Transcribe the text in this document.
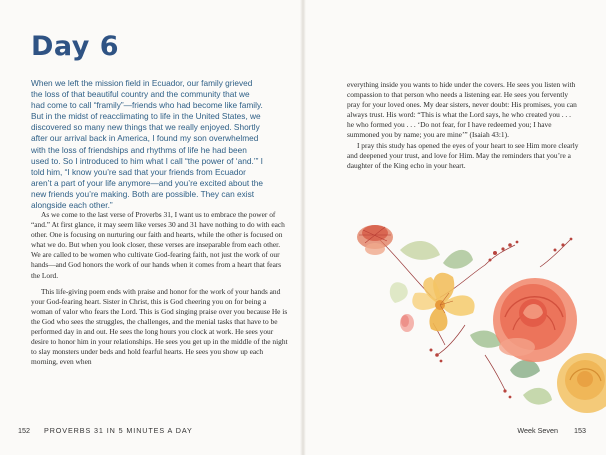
Day 6

When we left the mission field in Ecuador, our family grieved the loss of that beautiful country and the community that we had come to call “framily”—friends who had become like family. But in the midst of reacclimating to life in the United States, we discovered so many new things that we really enjoyed. Shortly after our arrival back in America, I found my son overwhelmed with the loss of friendships and rhythms of life he had been used to. So I introduced to him what I call “the power of ‘and.’” I told him, “I know you’re sad that your friends from Ecuador aren’t a part of your life anymore—and you’re excited about the new friends you’re making. Both are possible. They can exist alongside each other.”

As we come to the last verse of Proverbs 31, I want us to embrace the power of “and.” At first glance, it may seem like verses 30 and 31 have nothing to do with each other. One is focusing on nurturing our faith and hearts, while the other is focused on what we do. But when you look closer, these verses are inseparable from each other. We are called to be women who cultivate God-fearing faith, not just the work of our hands—and God honors the work of our hands when it comes from a heart that fears the Lord.

This life-giving poem ends with praise and honor for the work of your hands and your God-fearing heart. Sister in Christ, this is God cheering you on for being a woman of valor who fears the Lord. This is God singing praise over you because He is the God who sees the struggles, the challenges, and the menial tasks that have to be performed day in and out. He sees the long hours you clock at work. He sees your desire to honor him in your relationships. He sees you get up in the middle of the night to slay monsters under beds and hold fearful hearts. He sees you show up each morning, even when

152 PROVERBS 31 IN 5 MINUTES A DAY

everything inside you wants to hide under the covers. He sees you listen with compassion to that person who needs a listening ear. He sees you fervently pray for your loved ones. My dear sisters, never doubt: His promises, you can always trust. His word: “This is what the Lord says, he who created you . . . he who formed you . . . ‘Do not fear, for I have redeemed you; I have summoned you by name; you are mine’” (Isaiah 43:1).

I pray this study has opened the eyes of your heart to see Him more clearly and deepened your trust, and love for Him. May the reminders that you’re a daughter of the King echo in your heart.

Week Seven 153
